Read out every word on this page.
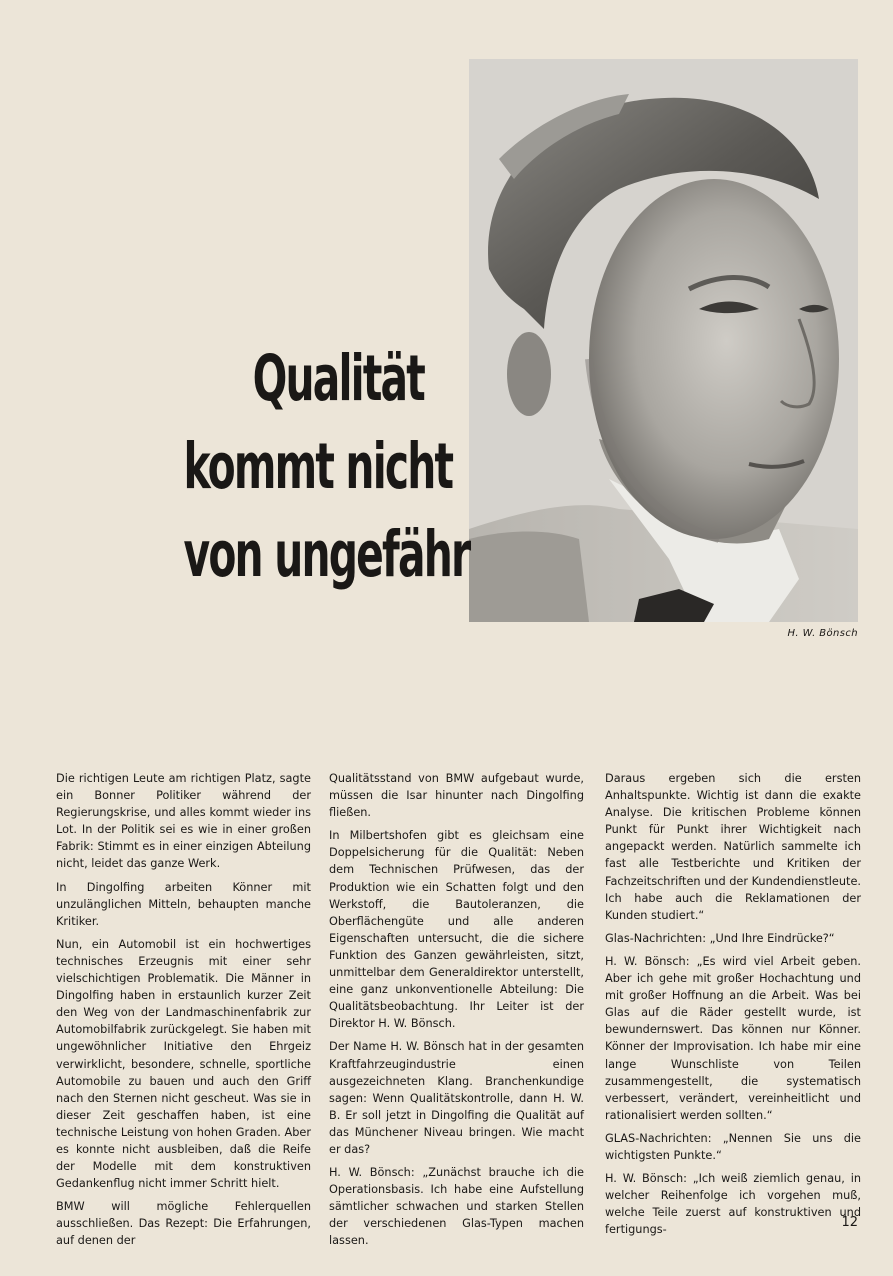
H. W. Bönsch
Qualität
kommt nicht
von ungefähr

Die richtigen Leute am richtigen Platz, sagte ein Bonner Politiker während der Regierungskrise, und alles kommt wieder ins Lot. In der Politik sei es wie in einer großen Fabrik: Stimmt es in einer einzigen Abteilung nicht, leidet das ganze Werk.

In Dingolfing arbeiten Könner mit unzulänglichen Mitteln, behaupten manche Kritiker.

Nun, ein Automobil ist ein hochwertiges technisches Erzeugnis mit einer sehr vielschichtigen Problematik. Die Männer in Dingolfing haben in erstaunlich kurzer Zeit den Weg von der Landmaschinenfabrik zur Automobilfabrik zurückgelegt. Sie haben mit ungewöhnlicher Initiative den Ehrgeiz verwirklicht, besondere, schnelle, sportliche Automobile zu bauen und auch den Griff nach den Sternen nicht gescheut. Was sie in dieser Zeit geschaffen haben, ist eine technische Leistung von hohen Graden. Aber es konnte nicht ausbleiben, daß die Reife der Modelle mit dem konstruktiven Gedankenflug nicht immer Schritt hielt.

BMW will mögliche Fehlerquellen ausschließen. Das Rezept: Die Erfahrungen, auf denen der

Qualitätsstand von BMW aufgebaut wurde, müssen die Isar hinunter nach Dingolfing fließen.

In Milbertshofen gibt es gleichsam eine Doppelsicherung für die Qualität: Neben dem Technischen Prüfwesen, das der Produktion wie ein Schatten folgt und den Werkstoff, die Bautoleranzen, die Oberflächengüte und alle anderen Eigenschaften untersucht, die die sichere Funktion des Ganzen gewährleisten, sitzt, unmittelbar dem Generaldirektor unterstellt, eine ganz unkonventionelle Abteilung: Die Qualitätsbeobachtung. Ihr Leiter ist der Direktor H. W. Bönsch.

Der Name H. W. Bönsch hat in der gesamten Kraftfahrzeugindustrie einen ausgezeichneten Klang. Branchenkundige sagen: Wenn Qualitätskontrolle, dann H. W. B. Er soll jetzt in Dingolfing die Qualität auf das Münchener Niveau bringen. Wie macht er das?

H. W. Bönsch: „Zunächst brauche ich die Operationsbasis. Ich habe eine Aufstellung sämtlicher schwachen und starken Stellen der verschiedenen Glas-Typen machen lassen.

Daraus ergeben sich die ersten Anhaltspunkte. Wichtig ist dann die exakte Analyse. Die kritischen Probleme können Punkt für Punkt ihrer Wichtigkeit nach angepackt werden. Natürlich sammelte ich fast alle Testberichte und Kritiken der Fachzeitschriften und der Kundendienstleute. Ich habe auch die Reklamationen der Kunden studiert.“

Glas-Nachrichten: „Und Ihre Eindrücke?“

H. W. Bönsch: „Es wird viel Arbeit geben. Aber ich gehe mit großer Hochachtung und mit großer Hoffnung an die Arbeit. Was bei Glas auf die Räder gestellt wurde, ist bewundernswert. Das können nur Könner. Könner der Improvisation. Ich habe mir eine lange Wunschliste von Teilen zusammengestellt, die systematisch verbessert, verändert, vereinheitlicht und rationalisiert werden sollten.“

GLAS-Nachrichten: „Nennen Sie uns die wichtigsten Punkte.“

H. W. Bönsch: „Ich weiß ziemlich genau, in welcher Reihenfolge ich vorgehen muß, welche Teile zuerst auf konstruktiven und fertigungs-	12
